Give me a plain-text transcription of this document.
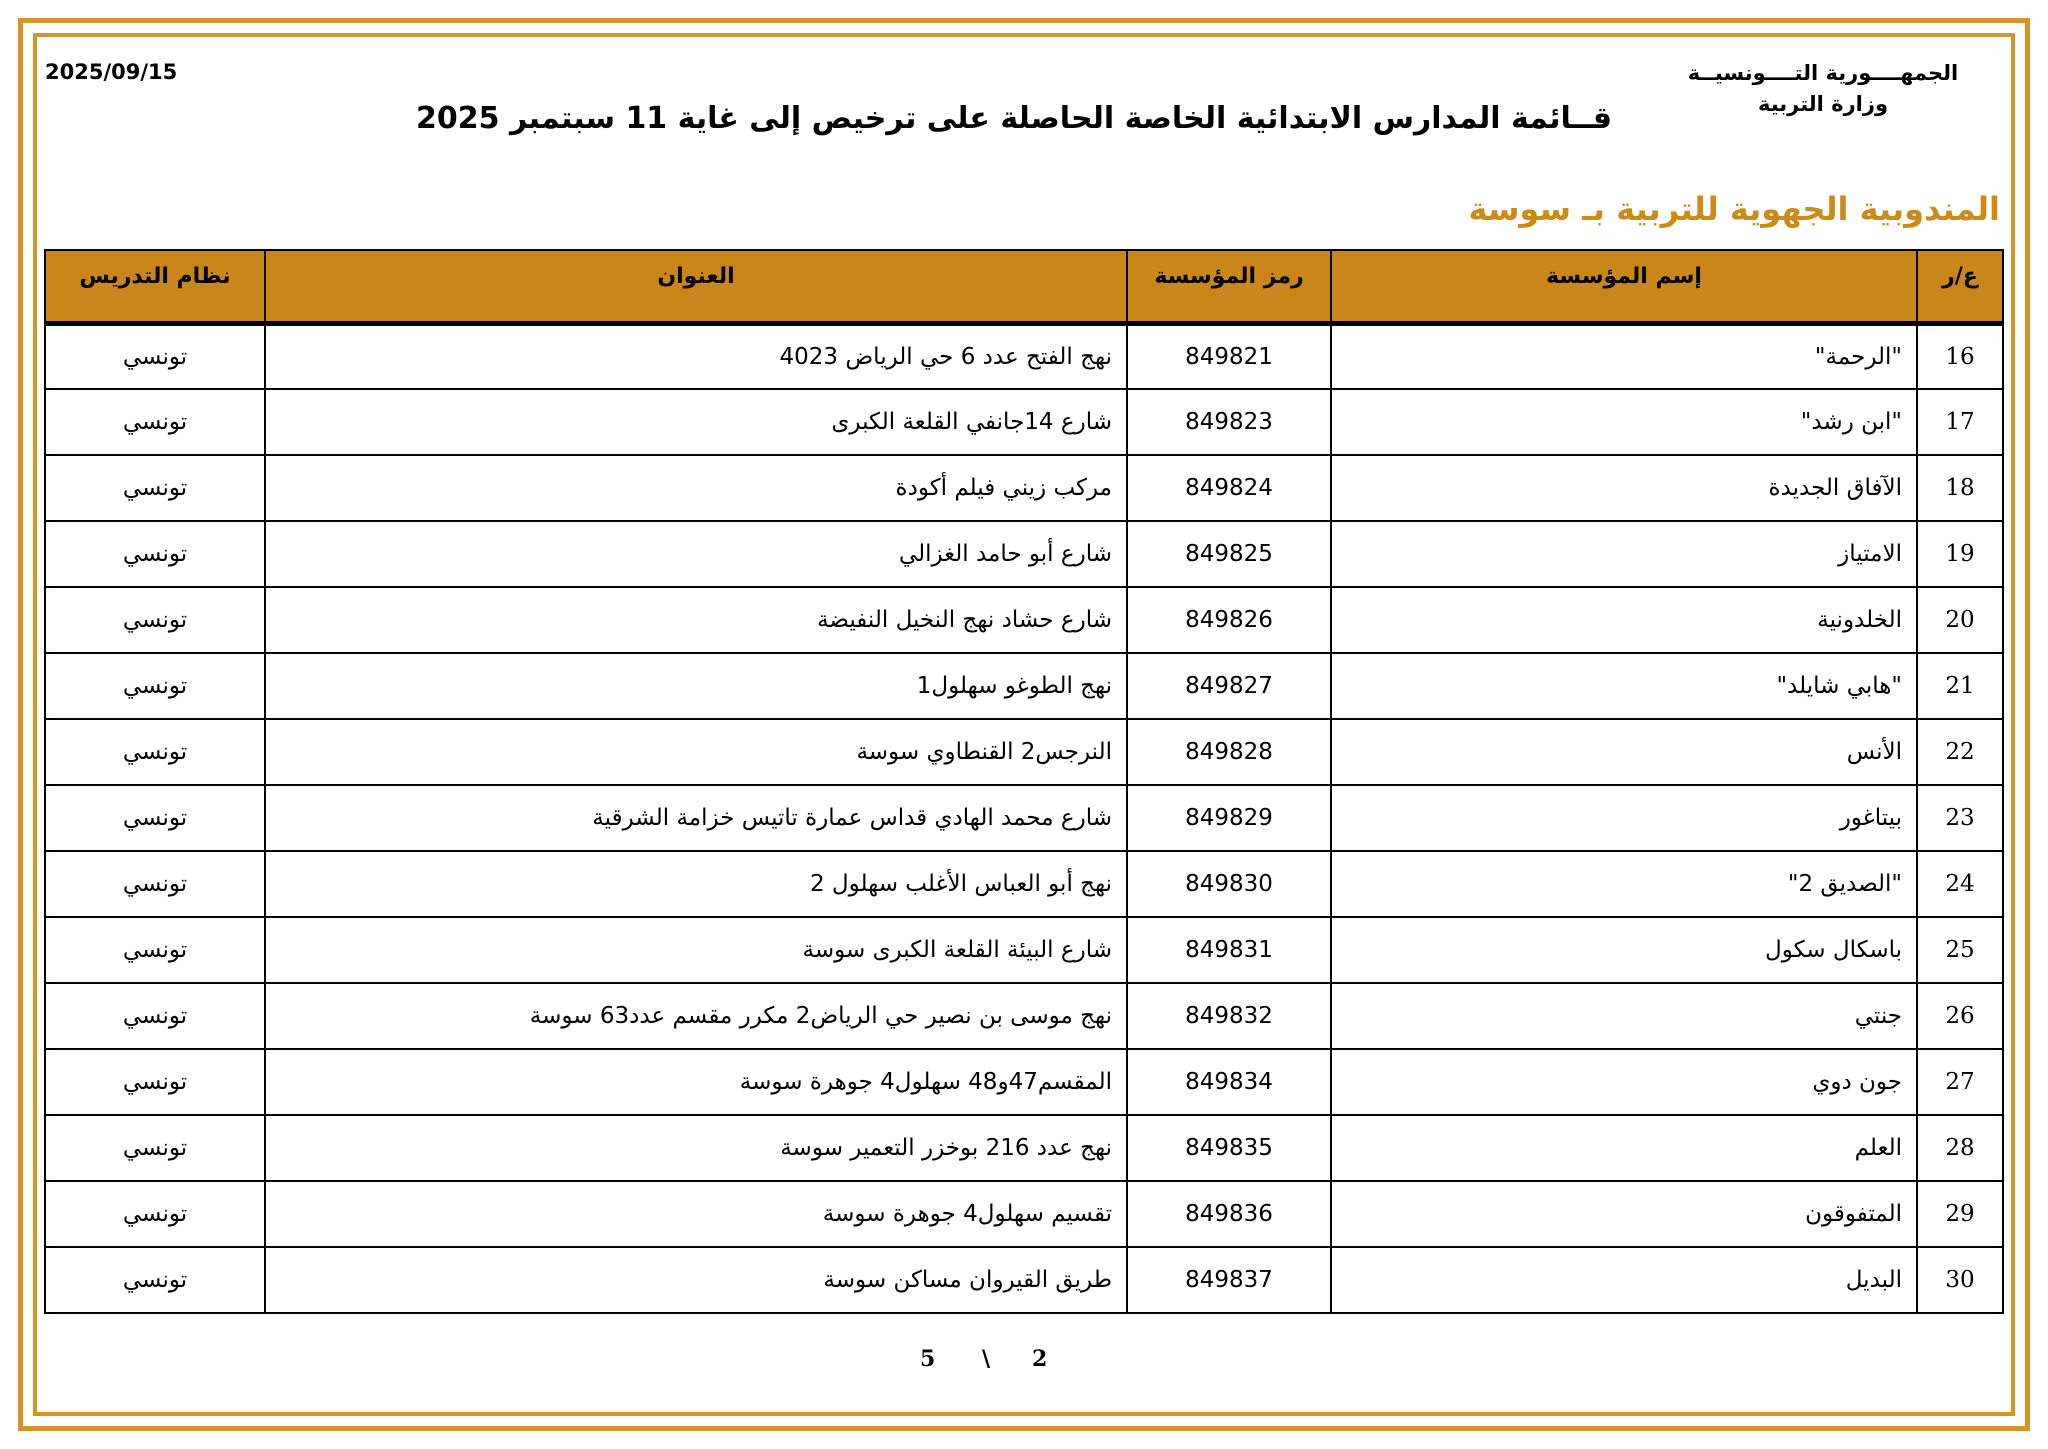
الجمهــــورية التــــونسيــة
وزارة التربية
2025/09/15
قــائمة المدارس الابتدائية الخاصة الحاصلة على ترخيص إلى غاية 11 سبتمبر 2025
المندوبية الجهوية للتربية بـ سوسة
ع/ر	إسم المؤسسة	رمز المؤسسة	العنوان	نظام التدريس
16	"الرحمة"	849821	نهج الفتح عدد 6 حي الرياض 4023	تونسي
17	"ابن رشد"	849823	شارع 14جانفي القلعة الكبرى	تونسي
18	الآفاق الجديدة	849824	مركب زيني فيلم أكودة	تونسي
19	الامتياز	849825	شارع أبو حامد الغزالي	تونسي
20	الخلدونية	849826	شارع حشاد نهج النخيل النفيضة	تونسي
21	"هابي شايلد"	849827	نهج الطوغو سهلول1	تونسي
22	الأنس	849828	النرجس2 القنطاوي سوسة	تونسي
23	بيتاغور	849829	شارع محمد الهادي قداس عمارة تاتيس خزامة الشرقية	تونسي
24	"الصديق 2"	849830	نهج أبو العباس الأغلب سهلول 2	تونسي
25	باسكال سكول	849831	شارع البيئة القلعة الكبرى سوسة	تونسي
26	جنتي	849832	نهج موسى بن نصير حي الرياض2 مكرر مقسم عدد63 سوسة	تونسي
27	جون دوي	849834	المقسم47و48 سهلول4 جوهرة سوسة	تونسي
28	العلم	849835	نهج عدد 216 بوخزر التعمير سوسة	تونسي
29	المتفوقون	849836	تقسيم سهلول4 جوهرة سوسة	تونسي
30	البديل	849837	طريق القيروان مساكن سوسة	تونسي
2
\
5
